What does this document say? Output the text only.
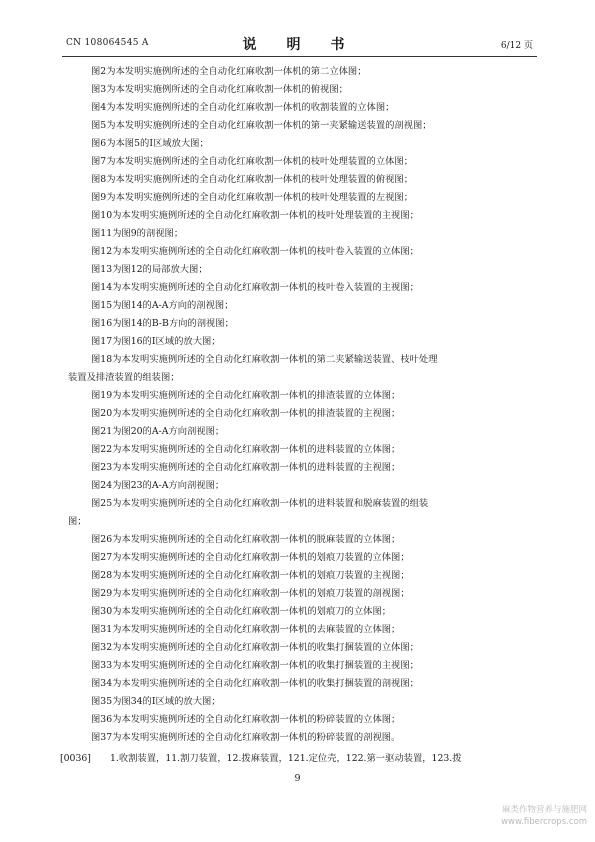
CN 108064545 A	说　明　书	6/12 页
图2为本发明实施例所述的全自动化红麻收割一体机的第二立体图；
图3为本发明实施例所述的全自动化红麻收割一体机的俯视图；
图4为本发明实施例所述的全自动化红麻收割一体机的收割装置的立体图；
图5为本发明实施例所述的全自动化红麻收割一体机的第一夹紧输送装置的剖视图；
图6为本图5的I区域放大图；
图7为本发明实施例所述的全自动化红麻收割一体机的枝叶处理装置的立体图；
图8为本发明实施例所述的全自动化红麻收割一体机的枝叶处理装置的俯视图；
图9为本发明实施例所述的全自动化红麻收割一体机的枝叶处理装置的左视图；
图10为本发明实施例所述的全自动化红麻收割一体机的枝叶处理装置的主视图；
图11为图9的剖视图；
图12为本发明实施例所述的全自动化红麻收割一体机的枝叶卷入装置的立体图；
图13为图12的局部放大图；
图14为本发明实施例所述的全自动化红麻收割一体机的枝叶卷入装置的主视图；
图15为图14的A-A方向的剖视图；
图16为图14的B-B方向的剖视图；
图17为图16的I区域的放大图；
图18为本发明实施例所述的全自动化红麻收割一体机的第二夹紧输送装置、枝叶处理
装置及排渣装置的组装图；
图19为本发明实施例所述的全自动化红麻收割一体机的排渣装置的立体图；
图20为本发明实施例所述的全自动化红麻收割一体机的排渣装置的主视图；
图21为图20的A-A方向剖视图；
图22为本发明实施例所述的全自动化红麻收割一体机的进料装置的立体图；
图23为本发明实施例所述的全自动化红麻收割一体机的进料装置的主视图；
图24为图23的A-A方向剖视图；
图25为本发明实施例所述的全自动化红麻收割一体机的进料装置和脱麻装置的组装
图；
图26为本发明实施例所述的全自动化红麻收割一体机的脱麻装置的立体图；
图27为本发明实施例所述的全自动化红麻收割一体机的划痕刀装置的立体图；
图28为本发明实施例所述的全自动化红麻收割一体机的划痕刀装置的主视图；
图29为本发明实施例所述的全自动化红麻收割一体机的划痕刀装置的剖视图；
图30为本发明实施例所述的全自动化红麻收割一体机的划痕刀的立体图；
图31为本发明实施例所述的全自动化红麻收割一体机的去麻装置的立体图；
图32为本发明实施例所述的全自动化红麻收割一体机的收集打捆装置的立体图；
图33为本发明实施例所述的全自动化红麻收割一体机的收集打捆装置的主视图；
图34为本发明实施例所述的全自动化红麻收割一体机的收集打捆装置的剖视图；
图35为图34的I区域的放大图；
图36为本发明实施例所述的全自动化红麻收割一体机的粉碎装置的立体图；
图37为本发明实施例所述的全自动化红麻收割一体机的粉碎装置的剖视图。
[0036] 1.收割装置，11.割刀装置，12.拨麻装置，121.定位壳，122.第一驱动装置，123.拨
9
麻类作物营养与施肥网
www.fibercrops.com
